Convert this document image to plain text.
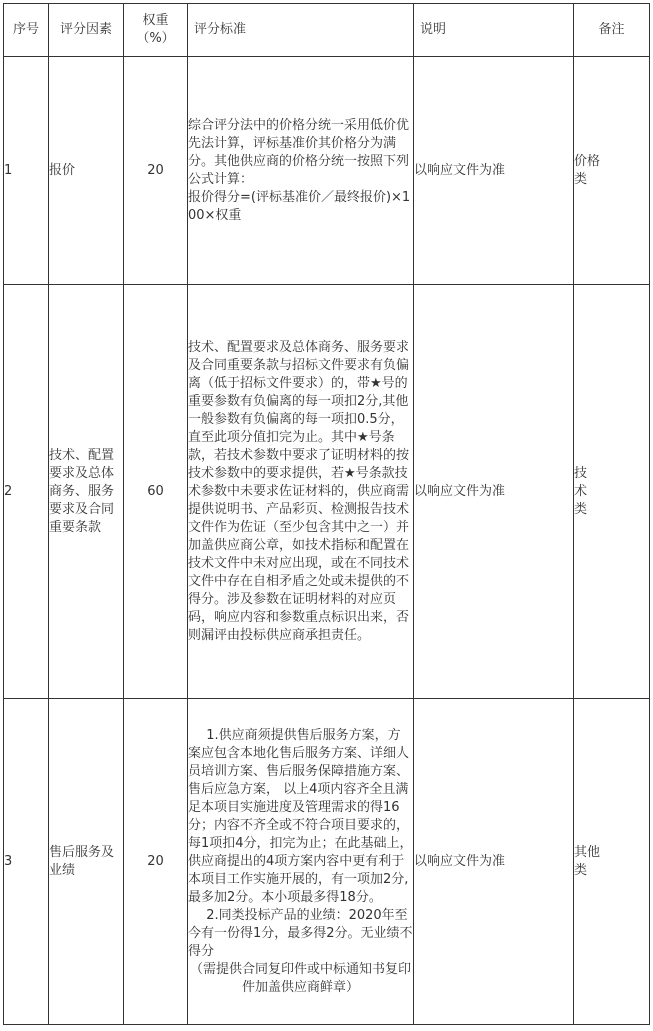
序号	评分因素	权重（%）	评分标准	说明	备注
1	报价	20	综合评分法中的价格分统一采用低价优先法计算，评标基准价其价格分为满分。其他供应商的价格分统一按照下列公式计算：
报价得分=(评标基准价／最终报价)×100×权重	以响应文件为准	价格类
2	技术、配置要求及总体商务、服务要求及合同重要条款	60	技术、配置要求及总体商务、服务要求及合同重要条款与招标文件要求有负偏离（低于招标文件要求）的，带★号的重要参数有负偏离的每一项扣2分,其他一般参数有负偏离的每一项扣0.5分，直至此项分值扣完为止。其中★号条款，若技术参数中要求了证明材料的按技术参数中的要求提供，若★号条款技术参数中未要求佐证材料的，供应商需提供说明书、产品彩页、检测报告技术文件作为佐证（至少包含其中之一）并加盖供应商公章，如技术指标和配置在技术文件中未对应出现，或在不同技术文件中存在自相矛盾之处或未提供的不得分。涉及参数在证明材料的对应页码，响应内容和参数重点标识出来，否则漏评由投标供应商承担责任。	以响应文件为准	技术类
3	售后服务及业绩	20	1.供应商须提供售后服务方案，方案应包含本地化售后服务方案、详细人员培训方案、售后服务保障措施方案、售后应急方案， 以上4项内容齐全且满足本项目实施进度及管理需求的得16分；内容不齐全或不符合项目要求的，每1项扣4分，扣完为止；在此基础上，供应商提出的4项方案内容中更有利于本项目工作实施开展的，有一项加2分,最多加2分。本小项最多得18分。
2.同类投标产品的业绩：2020年至今有一份得1分，最多得2分。无业绩不得分
（需提供合同复印件或中标通知书复印件加盖供应商鲜章）	以响应文件为准	其他类
